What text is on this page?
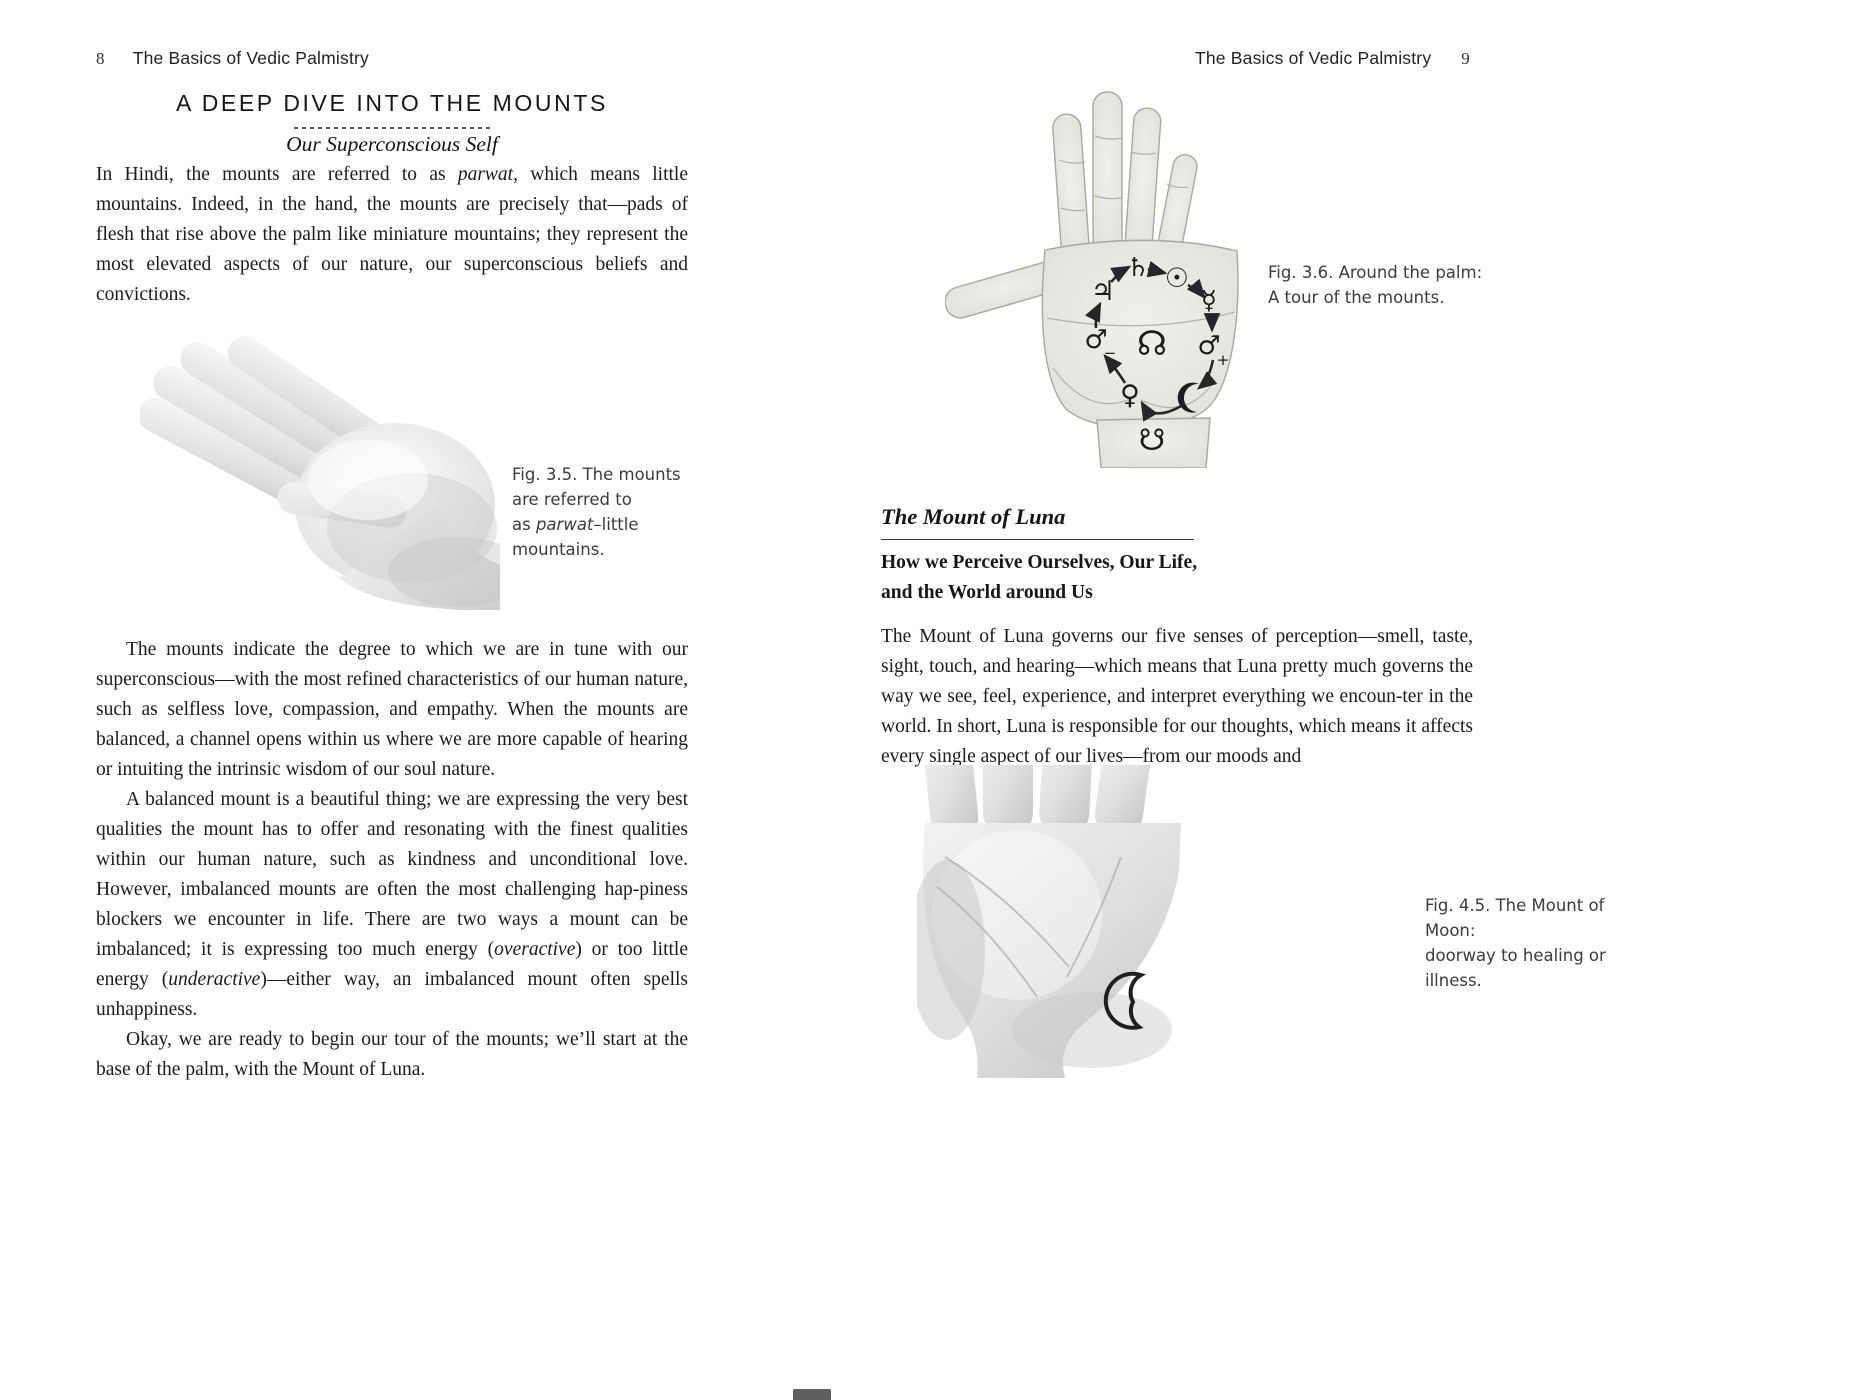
8 The Basics of Vedic Palmistry
A DEEP DIVE INTO THE MOUNTS
Our Superconscious Self

In Hindi, the mounts are referred to as parwat, which means little mountains. Indeed, in the hand, the mounts are precisely that—pads of flesh that rise above the palm like miniature mountains; they represent the most elevated aspects of our nature, our superconscious beliefs and convictions.

Fig. 3.5. The mounts
are referred to
as parwat–little
mountains.

The mounts indicate the degree to which we are in tune with our superconscious—with the most refined characteristics of our human nature, such as selfless love, compassion, and empathy. When the mounts are balanced, a channel opens within us where we are more capable of hearing or intuiting the intrinsic wisdom of our soul nature.

A balanced mount is a beautiful thing; we are expressing the very best qualities the mount has to offer and resonating with the finest qualities within our human nature, such as kindness and unconditional love. However, imbalanced mounts are often the most challenging hap-piness blockers we encounter in life. There are two ways a mount can be imbalanced; it is expressing too much energy (overactive) or too little energy (underactive)—either way, an imbalanced mount often spells unhappiness.

Okay, we are ready to begin our tour of the mounts; we’ll start at the base of the palm, with the Mount of Luna.

The Basics of Vedic Palmistry 9
♃
♄ ☉
☿
♂
+
♂
−
♀
☊
☋
Fig. 3.6. Around the palm:
A tour of the mounts.
The Mount of Luna
How we Perceive Ourselves, Our Life,
and the World around Us

The Mount of Luna governs our five senses of perception—smell, taste, sight, touch, and hearing—which means that Luna pretty much governs the way we see, feel, experience, and interpret everything we encoun-ter in the world. In short, Luna is responsible for our thoughts, which means it affects every single aspect of our lives—from our moods and

Fig. 4.5. The Mount of Moon:
doorway to healing or
illness.
